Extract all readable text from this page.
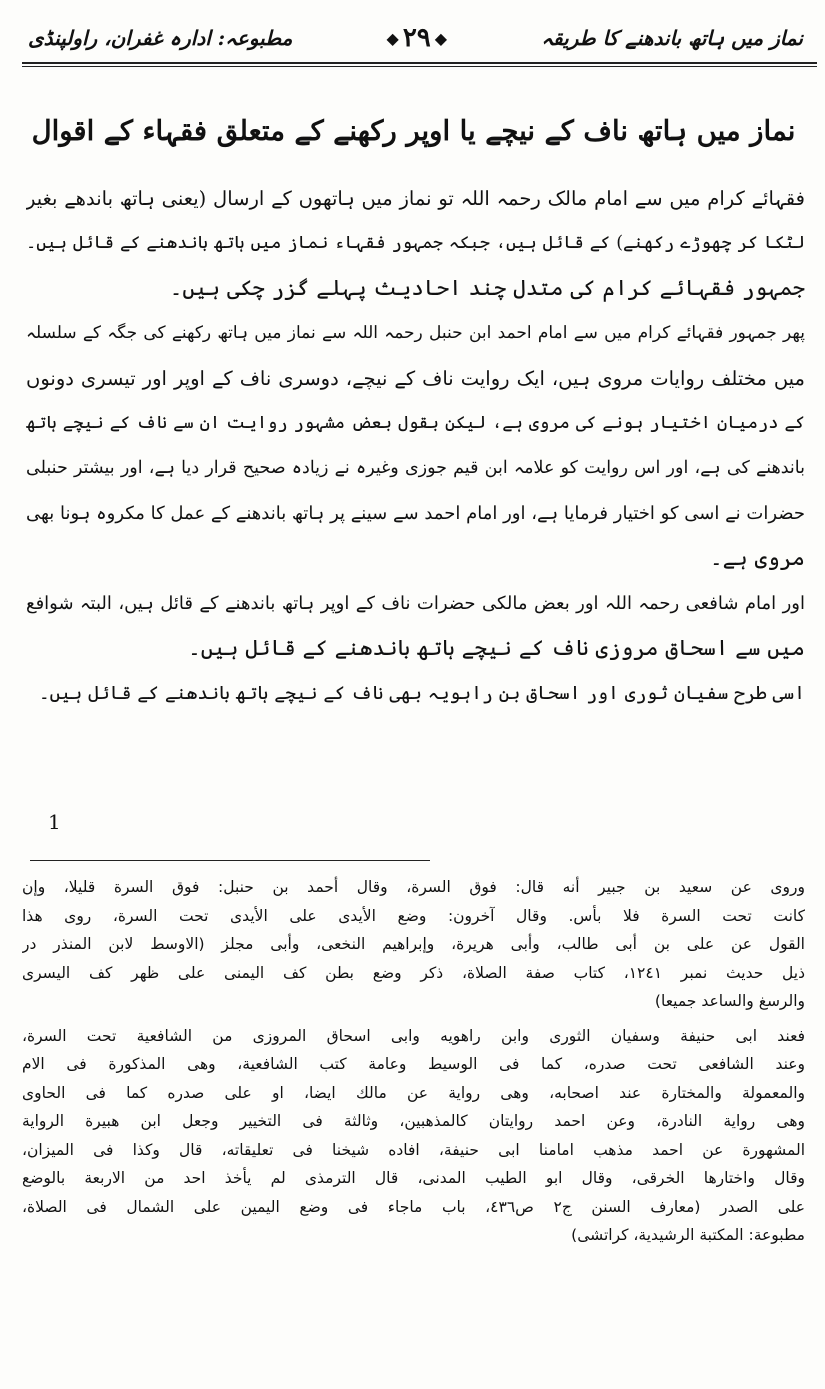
نماز میں ہاتھ باندھنے کا طریقہ
◆ ۲۹ ◆
مطبوعہ: ادارہ غفران، راولپنڈی
نماز میں ہاتھ ناف کے نیچے یا اوپر رکھنے کے متعلق فقہاء کے اقوال
فقہائے کرام میں سے امام مالک رحمہ اللہ تو نماز میں ہاتھوں کے ارسال (یعنی ہاتھ باندھے بغیر
لٹکا کر چھوڑے رکھنے) کے قائل ہیں، جبکہ جمہور فقہاء نماز میں ہاتھ باندھنے کے قائل ہیں۔
جمہور فقہائے کرام کی متدل چند احادیث پہلے گزر چکی ہیں۔
پھر جمہور فقہائے کرام میں سے امام احمد ابن حنبل رحمہ اللہ سے نماز میں ہاتھ رکھنے کی جگہ کے سلسلہ
میں مختلف روایات مروی ہیں، ایک روایت ناف کے نیچے، دوسری ناف کے اوپر اور تیسری دونوں
کے درمیان اختیار ہونے کی مروی ہے، لیکن بقول بعض مشہور روایت ان سے ناف کے نیچے ہاتھ
باندھنے کی ہے، اور اس روایت کو علامہ ابن قیم جوزی وغیرہ نے زیادہ صحیح قرار دیا ہے، اور بیشتر حنبلی
حضرات نے اسی کو اختیار فرمایا ہے، اور امام احمد سے سینے پر ہاتھ باندھنے کے عمل کا مکروہ ہونا بھی
مروی ہے۔
اور امام شافعی رحمہ اللہ اور بعض مالکی حضرات ناف کے اوپر ہاتھ باندھنے کے قائل ہیں، البتہ شوافع
میں سے اسحاق مروزی ناف کے نیچے ہاتھ باندھنے کے قائل ہیں۔
اسی طرح سفیان ثوری اور اسحاق بن راہویہ بھی ناف کے نیچے ہاتھ باندھنے کے قائل ہیں۔
1
وروی عن سعید بن جبیر أنه قال: فوق السرة، وقال أحمد بن حنبل: فوق السرة قليلا، وإن
كانت تحت السرة فلا بأس. وقال آخرون: وضع الأيدى على الأيدى تحت السرة، روى هذا
القول عن على بن أبى طالب، وأبى هريرة، وإبراهيم النخعى، وأبى مجلز (الاوسط لابن المنذر در
ذيل حديث نمبر ١٢٤١، كتاب صفة الصلاة، ذكر وضع بطن كف اليمنى على ظهر كف اليسرى
والرسغ والساعد جميعا)
فعند ابى حنيفة وسفيان الثورى وابن راهويه وابى اسحاق المروزى من الشافعية تحت السرة،
وعند الشافعى تحت صدره، كما فى الوسيط وعامة كتب الشافعية، وهى المذكورة فى الام
والمعمولة والمختارة عند اصحابه، وهى رواية عن مالك ايضا، او على صدره كما فى الحاوى
وهى رواية النادرة، وعن احمد روايتان كالمذهبين، وثالثة فى التخيير وجعل ابن هبيرة الرواية
المشهورة عن احمد مذهب امامنا ابى حنيفة، افاده شيخنا فى تعليقاته، قال وكذا فى الميزان،
وقال واختارها الخرقى، وقال ابو الطيب المدنى، قال الترمذى لم يأخذ احد من الاربعة بالوضع
على الصدر (معارف السنن ج٢ ص٤٣٦، باب ماجاء فى وضع اليمين على الشمال فى الصلاة،
مطبوعة: المكتبة الرشيدية، كراتشى)
